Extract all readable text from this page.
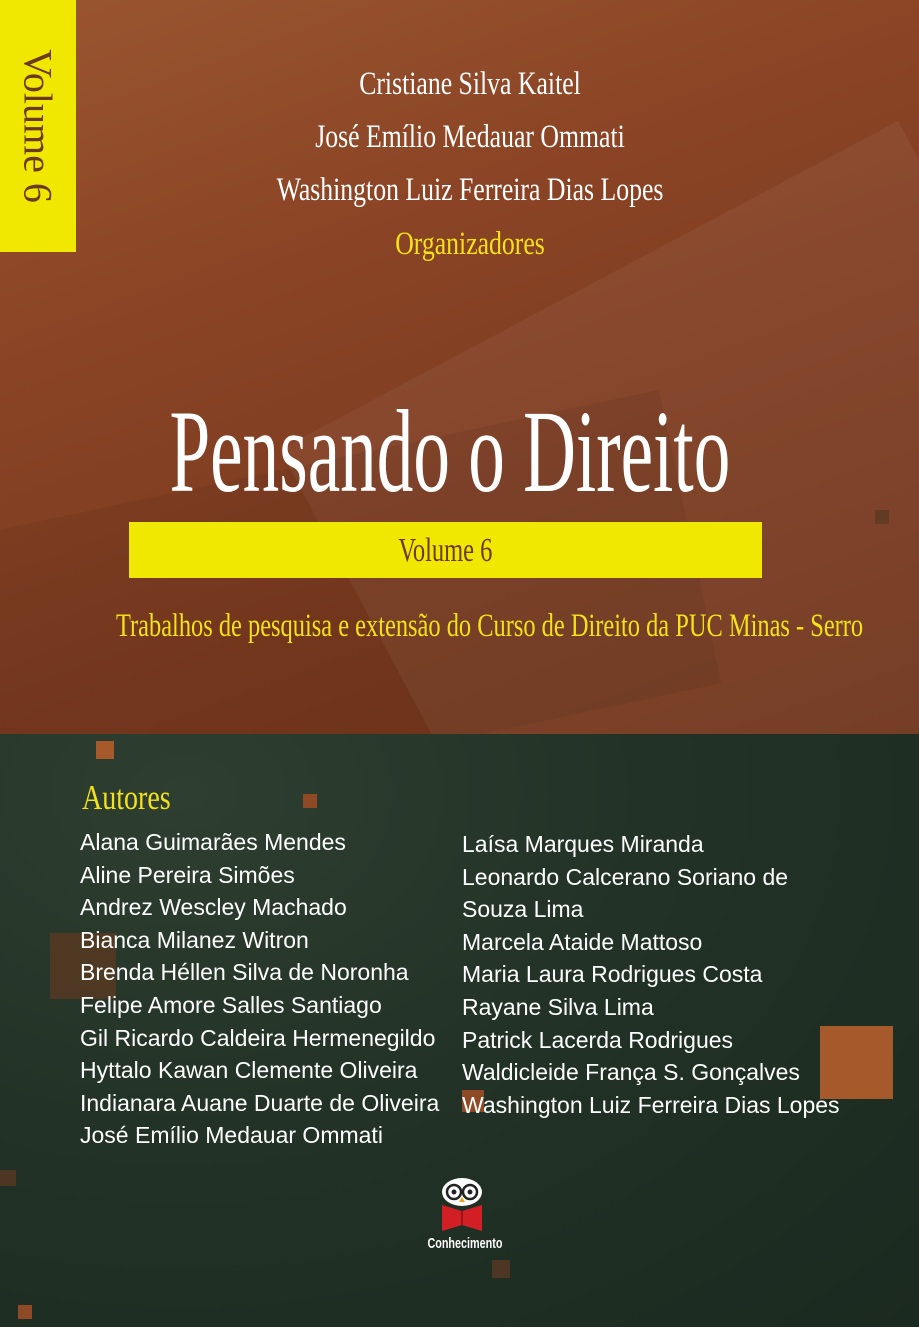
Volume 6	Cristiane Silva Kaitel
José Emílio Medauar Ommati
Washington Luiz Ferreira Dias Lopes
Organizadores
Pensando o Direito
Volume 6
Trabalhos de pesquisa e extensão do Curso de Direito da PUC Minas - Serro
Autores
Alana Guimarães Mendes
Aline Pereira Simões
Andrez Wescley Machado
Bianca Milanez Witron
Brenda Héllen Silva de Noronha
Felipe Amore Salles Santiago
Gil Ricardo Caldeira Hermenegildo
Hyttalo Kawan Clemente Oliveira
Indianara Auane Duarte de Oliveira
José Emílio Medauar Ommati
Laísa Marques Miranda
Leonardo Calcerano Soriano de
Souza Lima
Marcela Ataide Mattoso
Maria Laura Rodrigues Costa
Rayane Silva Lima
Patrick Lacerda Rodrigues
Waldicleide França S. Gonçalves
Washington Luiz Ferreira Dias Lopes
Conhecimento
